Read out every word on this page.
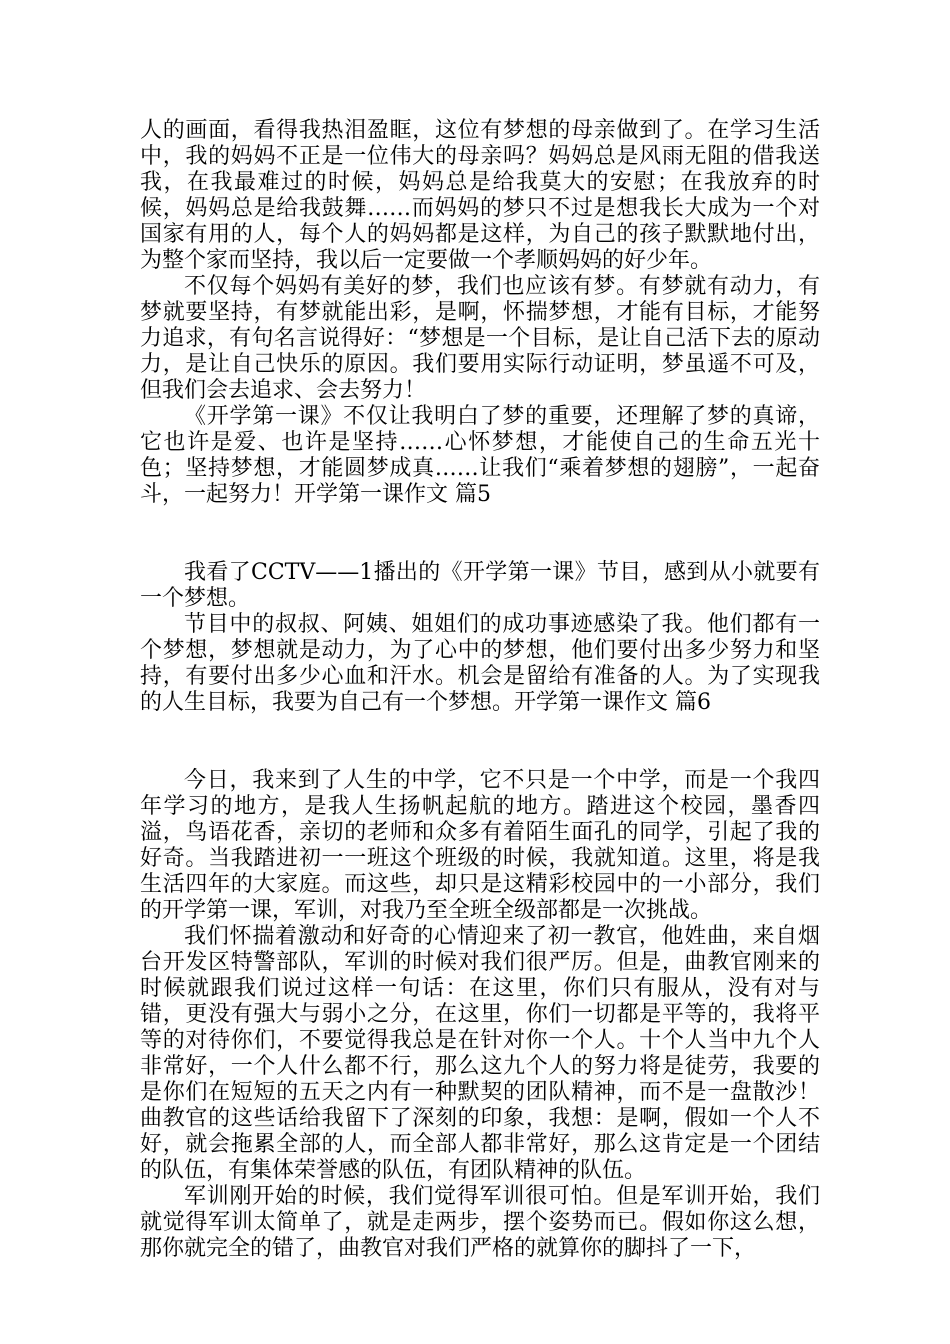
人的画面，看得我热泪盈眶，这位有梦想的母亲做到了。在学习生活中，我的妈妈不正是一位伟大的母亲吗？妈妈总是风雨无阻的借我送我，在我最难过的时候，妈妈总是给我莫大的安慰；在我放弃的时候，妈妈总是给我鼓舞……而妈妈的梦只不过是想我长大成为一个对国家有用的人，每个人的妈妈都是这样，为自己的孩子默默地付出，为整个家而坚持，我以后一定要做一个孝顺妈妈的好少年。

不仅每个妈妈有美好的梦，我们也应该有梦。有梦就有动力，有梦就要坚持，有梦就能出彩，是啊，怀揣梦想，才能有目标，才能努力追求，有句名言说得好：“梦想是一个目标，是让自己活下去的原动力，是让自己快乐的原因。我们要用实际行动证明，梦虽遥不可及，但我们会去追求、会去努力！

《开学第一课》不仅让我明白了梦的重要，还理解了梦的真谛，它也许是爱、也许是坚持……心怀梦想，才能使自己的生命五光十色；坚持梦想，才能圆梦成真……让我们“乘着梦想的翅膀”，一起奋斗，一起努力！开学第一课作文 篇5

我看了CCTV——1播出的《开学第一课》节目，感到从小就要有一个梦想。

节目中的叔叔、阿姨、姐姐们的成功事迹感染了我。他们都有一个梦想，梦想就是动力，为了心中的梦想，他们要付出多少努力和坚持，有要付出多少心血和汗水。机会是留给有准备的人。为了实现我的人生目标，我要为自己有一个梦想。开学第一课作文 篇6

今日，我来到了人生的中学，它不只是一个中学，而是一个我四年学习的地方，是我人生扬帆起航的地方。踏进这个校园，墨香四溢，鸟语花香，亲切的老师和众多有着陌生面孔的同学，引起了我的好奇。当我踏进初一一班这个班级的时候，我就知道。这里，将是我生活四年的大家庭。而这些，却只是这精彩校园中的一小部分，我们的开学第一课，军训，对我乃至全班全级部都是一次挑战。

我们怀揣着激动和好奇的心情迎来了初一教官，他姓曲，来自烟台开发区特警部队，军训的时候对我们很严厉。但是，曲教官刚来的时候就跟我们说过这样一句话：在这里，你们只有服从，没有对与错，更没有强大与弱小之分，在这里，你们一切都是平等的，我将平等的对待你们，不要觉得我总是在针对你一个人。十个人当中九个人非常好，一个人什么都不行，那么这九个人的努力将是徒劳，我要的是你们在短短的五天之内有一种默契的团队精神，而不是一盘散沙！曲教官的这些话给我留下了深刻的印象，我想：是啊，假如一个人不好，就会拖累全部的人，而全部人都非常好，那么这肯定是一个团结的队伍，有集体荣誉感的队伍，有团队精神的队伍。

军训刚开始的时候，我们觉得军训很可怕。但是军训开始，我们就觉得军训太简单了，就是走两步，摆个姿势而已。假如你这么想，那你就完全的错了，曲教官对我们严格的就算你的脚抖了一下，
